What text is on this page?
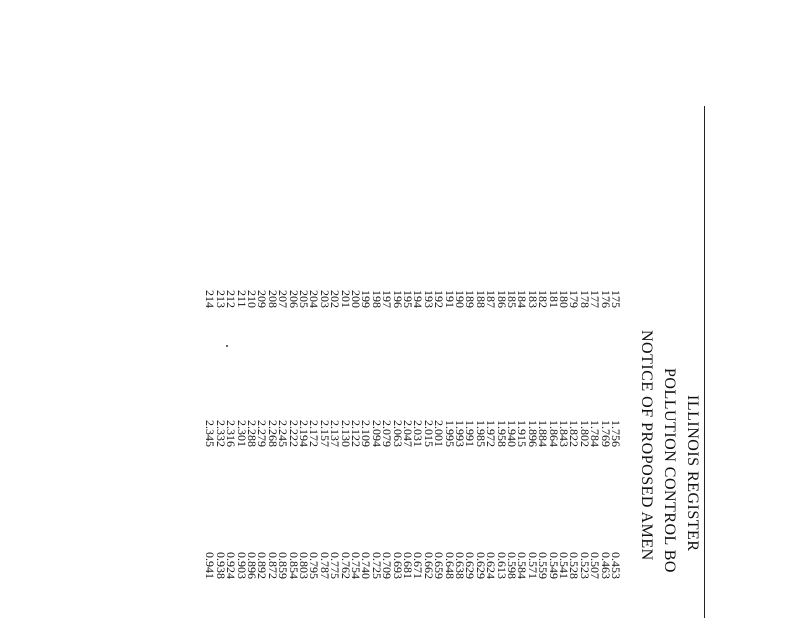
ILLINOIS REGISTER
POLLUTION CONTROL BO
NOTICE OF PROPOSED AMEN
175
1.756
0.453
176
1.769
0.463
177
1.784
0.507
178
1.802
0.523
179
1.822
0.528
180
1.843
0.541
181
1.864
0.549
182
1.884
0.559
183
1.896
0.571
184
1.915
0.584
185
1.940
0.598
186
1.958
0.613
187
1.972
0.624
188
1.985
0.629
189
1.991
0.629
190
1.993
0.638
191
1.995
0.648
192
2.001
0.659
193
2.015
0.662
194
2.031
0.671
195
2.047
0.681
196
2.063
0.693
197
2.079
0.709
198
2.094
0.725
199
2.109
0.740
200
2.122
0.754
201
2.130
0.762
202
2.137
0.775
203
2.157
0.787
204
2.172
0.795
205
2.194
0.803
206
2.222
0.854
207
2.245
0.859
208
2.268
0.872
209
2.279
0.892
210
2.288
0.896
211
2.301
0.903
212
2.316
0.924
213
2.332
0.938
214
2.345
0.941
